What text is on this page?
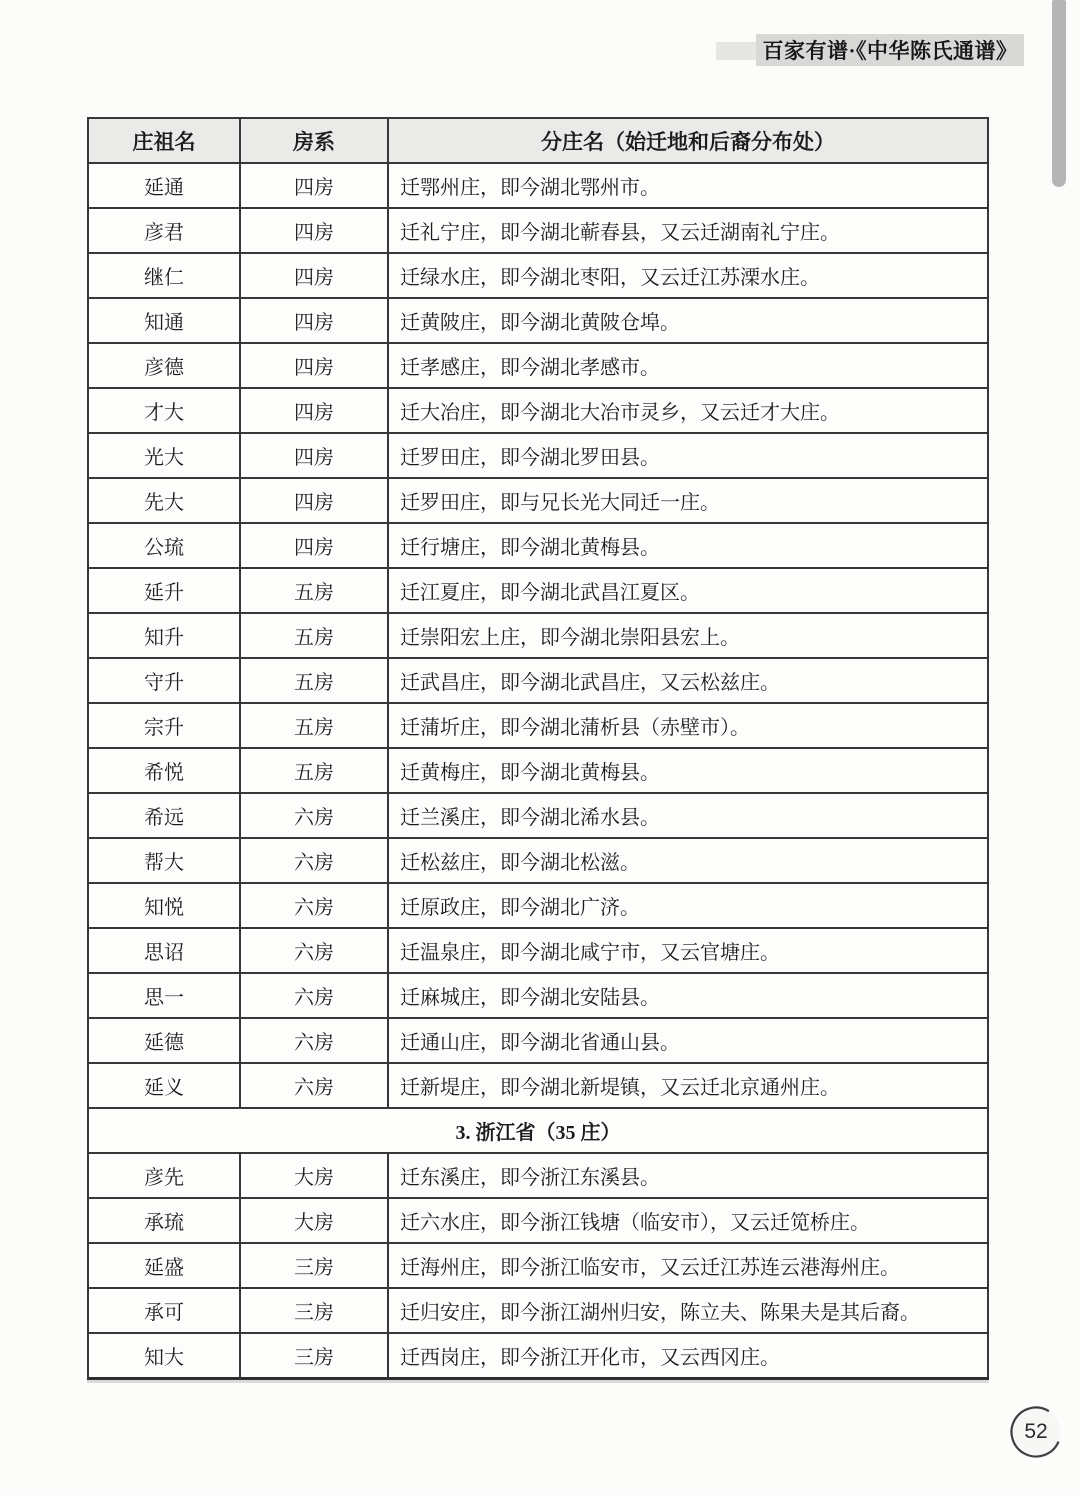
百家有谱·《中华陈氏通谱》
庄祖名	房系	分庄名（始迁地和后裔分布处）
延通	四房	迁鄂州庄，即今湖北鄂州市。
彦君	四房	迁礼宁庄，即今湖北蕲春县，又云迁湖南礼宁庄。
继仁	四房	迁绿水庄，即今湖北枣阳，又云迁江苏溧水庄。
知通	四房	迁黄陂庄，即今湖北黄陂仓埠。
彦德	四房	迁孝感庄，即今湖北孝感市。
才大	四房	迁大冶庄，即今湖北大冶市灵乡，又云迁才大庄。
光大	四房	迁罗田庄，即今湖北罗田县。
先大	四房	迁罗田庄，即与兄长光大同迁一庄。
公琉	四房	迁行塘庄，即今湖北黄梅县。
延升	五房	迁江夏庄，即今湖北武昌江夏区。
知升	五房	迁崇阳宏上庄，即今湖北崇阳县宏上。
守升	五房	迁武昌庄，即今湖北武昌庄，又云松兹庄。
宗升	五房	迁蒲圻庄，即今湖北蒲析县（赤壁市）。
希悦	五房	迁黄梅庄，即今湖北黄梅县。
希远	六房	迁兰溪庄，即今湖北浠水县。
帮大	六房	迁松兹庄，即今湖北松滋。
知悦	六房	迁原政庄，即今湖北广济。
思诏	六房	迁温泉庄，即今湖北咸宁市，又云官塘庄。
思一	六房	迁麻城庄，即今湖北安陆县。
延德	六房	迁通山庄，即今湖北省通山县。
延义	六房	迁新堤庄，即今湖北新堤镇，又云迁北京通州庄。
3. 浙江省（35 庄）		
彦先	大房	迁东溪庄，即今浙江东溪县。
承琉	大房	迁六水庄，即今浙江钱塘（临安市），又云迁笕桥庄。
延盛	三房	迁海州庄，即今浙江临安市，又云迁江苏连云港海州庄。
承可	三房	迁归安庄，即今浙江湖州归安，陈立夫、陈果夫是其后裔。
知大	三房	迁西岗庄，即今浙江开化市，又云西冈庄。
52
